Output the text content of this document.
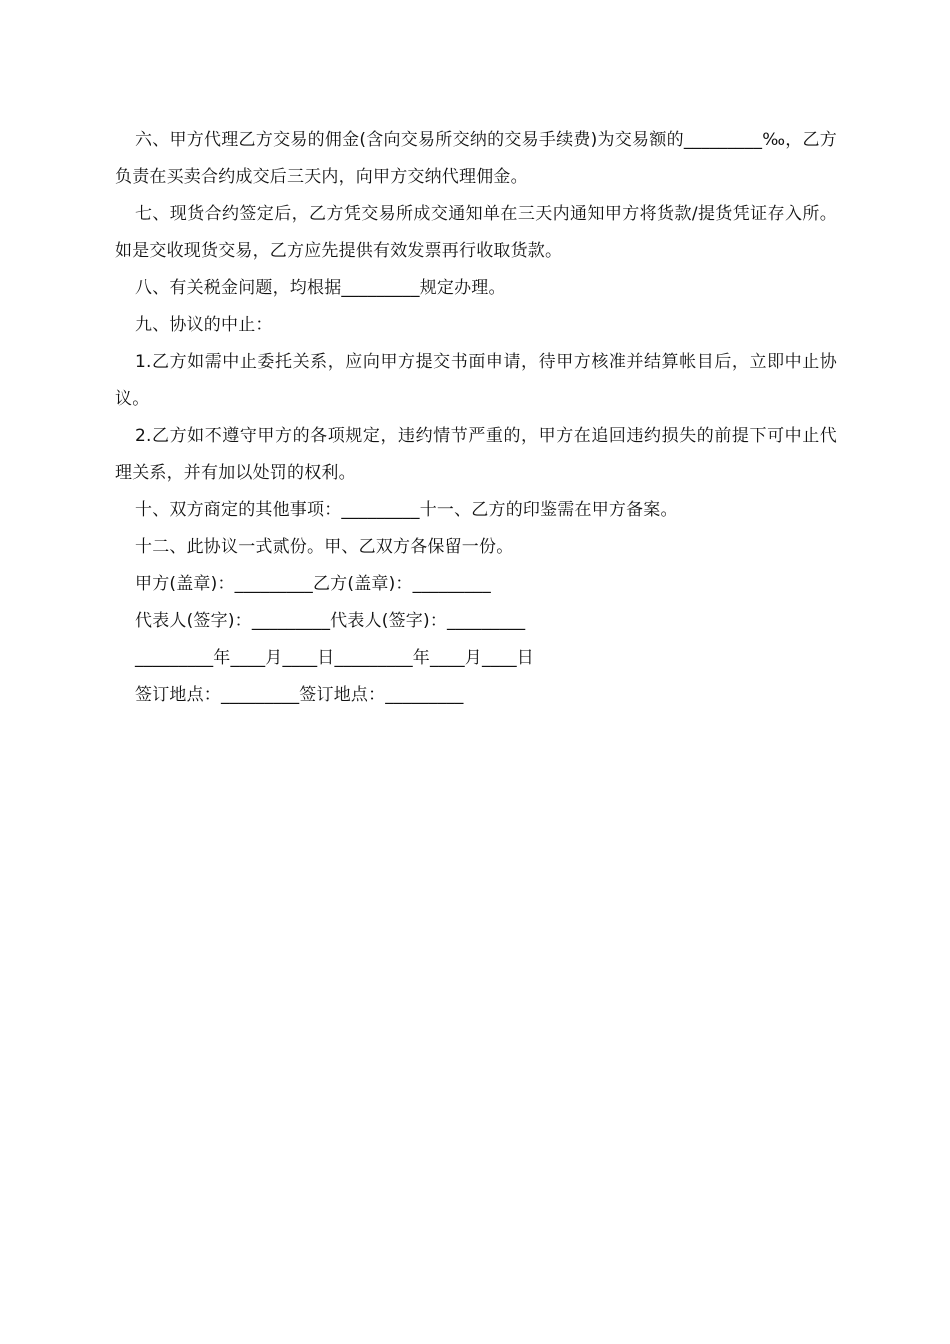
六、甲方代理乙方交易的佣金(含向交易所交纳的交易手续费)为交易额的_________‰，乙方负责在买卖合约成交后三天内，向甲方交纳代理佣金。

七、现货合约签定后，乙方凭交易所成交通知单在三天内通知甲方将货款/提货凭证存入所。如是交收现货交易，乙方应先提供有效发票再行收取货款。

八、有关税金问题，均根据_________规定办理。

九、协议的中止：

1.乙方如需中止委托关系，应向甲方提交书面申请，待甲方核准并结算帐目后，立即中止协议。

2.乙方如不遵守甲方的各项规定，违约情节严重的，甲方在追回违约损失的前提下可中止代理关系，并有加以处罚的权利。

十、双方商定的其他事项：_________十一、乙方的印鉴需在甲方备案。

十二、此协议一式贰份。甲、乙双方各保留一份。

甲方(盖章)：_________乙方(盖章)：_________

代表人(签字)：_________代表人(签字)：_________

_________年____月____日_________年____月____日

签订地点：_________签订地点：_________
